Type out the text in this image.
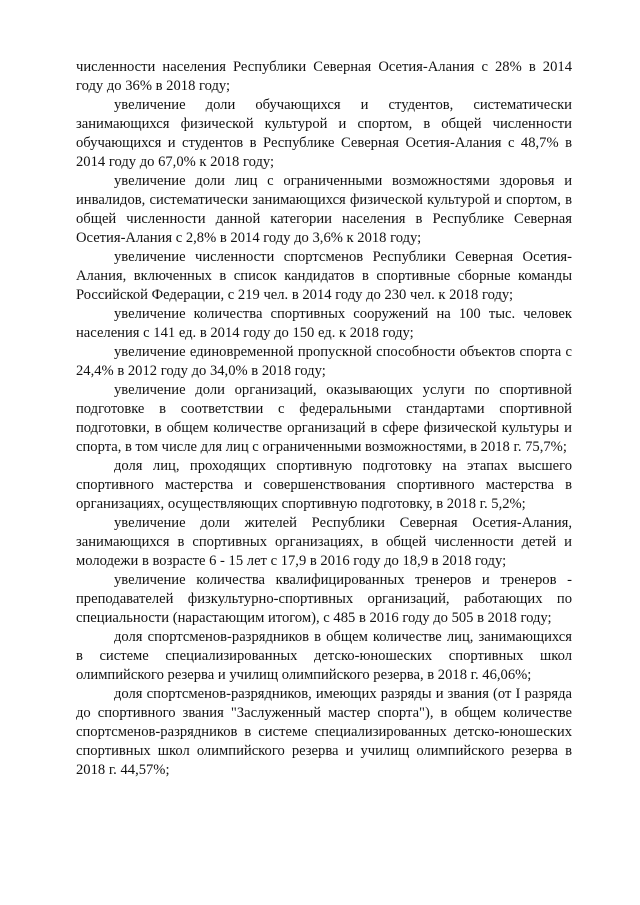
численности населения Республики Северная Осетия-Алания с 28% в 2014 году до 36% в 2018 году;

увеличение доли обучающихся и студентов, систематически занимающихся физической культурой и спортом, в общей численности обучающихся и студентов в Республике Северная Осетия-Алания с 48,7% в 2014 году до 67,0% к 2018 году;

увеличение доли лиц с ограниченными возможностями здоровья и инвалидов, систематически занимающихся физической культурой и спортом, в общей численности данной категории населения в Республике Северная Осетия-Алания с 2,8% в 2014 году до 3,6% к 2018 году;

увеличение численности спортсменов Республики Северная Осетия-Алания, включенных в список кандидатов в спортивные сборные команды Российской Федерации, с 219 чел. в 2014 году до 230 чел. к 2018 году;

увеличение количества спортивных сооружений на 100 тыс. человек населения с 141 ед. в 2014 году до 150 ед. к 2018 году;

увеличение единовременной пропускной способности объектов спорта с 24,4% в 2012 году до 34,0% в 2018 году;

увеличение доли организаций, оказывающих услуги по спортивной подготовке в соответствии с федеральными стандартами спортивной подготовки, в общем количестве организаций в сфере физической культуры и спорта, в том числе для лиц с ограниченными возможностями, в 2018 г. 75,7%;

доля лиц, проходящих спортивную подготовку на этапах высшего спортивного мастерства и совершенствования спортивного мастерства в организациях, осуществляющих спортивную подготовку, в 2018 г. 5,2%;

увеличение доли жителей Республики Северная Осетия-Алания, занимающихся в спортивных организациях, в общей численности детей и молодежи в возрасте 6 - 15 лет с 17,9 в 2016 году до 18,9 в 2018 году;

увеличение количества квалифицированных тренеров и тренеров - преподавателей физкультурно-спортивных организаций, работающих по специальности (нарастающим итогом), с 485 в 2016 году до 505 в 2018 году;

доля спортсменов-разрядников в общем количестве лиц, занимающихся в системе специализированных детско-юношеских спортивных школ олимпийского резерва и училищ олимпийского резерва, в 2018 г. 46,06%;

доля спортсменов-разрядников, имеющих разряды и звания (от I разряда до спортивного звания "Заслуженный мастер спорта"), в общем количестве спортсменов-разрядников в системе специализированных детско-юношеских спортивных школ олимпийского резерва и училищ олимпийского резерва в 2018 г. 44,57%;
